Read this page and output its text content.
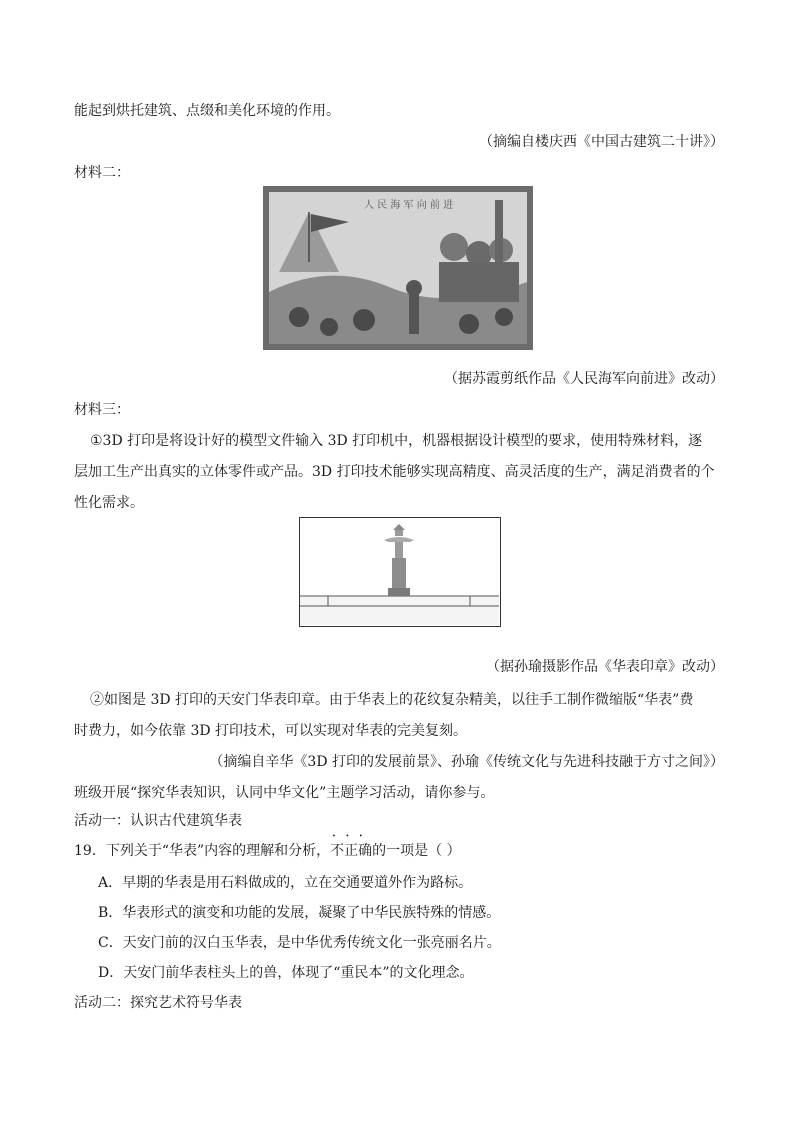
能起到烘托建筑、点缀和美化环境的作用。
（摘编自楼庆西《中国古建筑二十讲》）
材料二：
人 民 海 军 向 前 进
（据苏霞剪纸作品《人民海军向前进》改动）
材料三：
①3D 打印是将设计好的模型文件输入 3D 打印机中，机器根据设计模型的要求，使用特殊材料，逐
层加工生产出真实的立体零件或产品。3D 打印技术能够实现高精度、高灵活度的生产，满足消费者的个
性化需求。
（据孙瑜摄影作品《华表印章》改动）
②如图是 3D 打印的天安门华表印章。由于华表上的花纹复杂精美，以往手工制作微缩版“华表”费
时费力，如今依靠 3D 打印技术，可以实现对华表的完美复刻。
（摘编自辛华《3D 打印的发展前景》、孙瑜《传统文化与先进科技融于方寸之间》）
班级开展“探究华表知识，认同中华文化”主题学习活动，请你参与。
活动一：认识古代建筑华表
19．下列关于“华表”内容的理解和分析，不正确 • • •的一项是（ ）
A．早期的华表是用石料做成的，立在交通要道外作为路标。
B．华表形式的演变和功能的发展，凝聚了中华民族特殊的情感。
C．天安门前的汉白玉华表，是中华优秀传统文化一张亮丽名片。
D．天安门前华表柱头上的兽，体现了“重民本”的文化理念。
活动二：探究艺术符号华表
